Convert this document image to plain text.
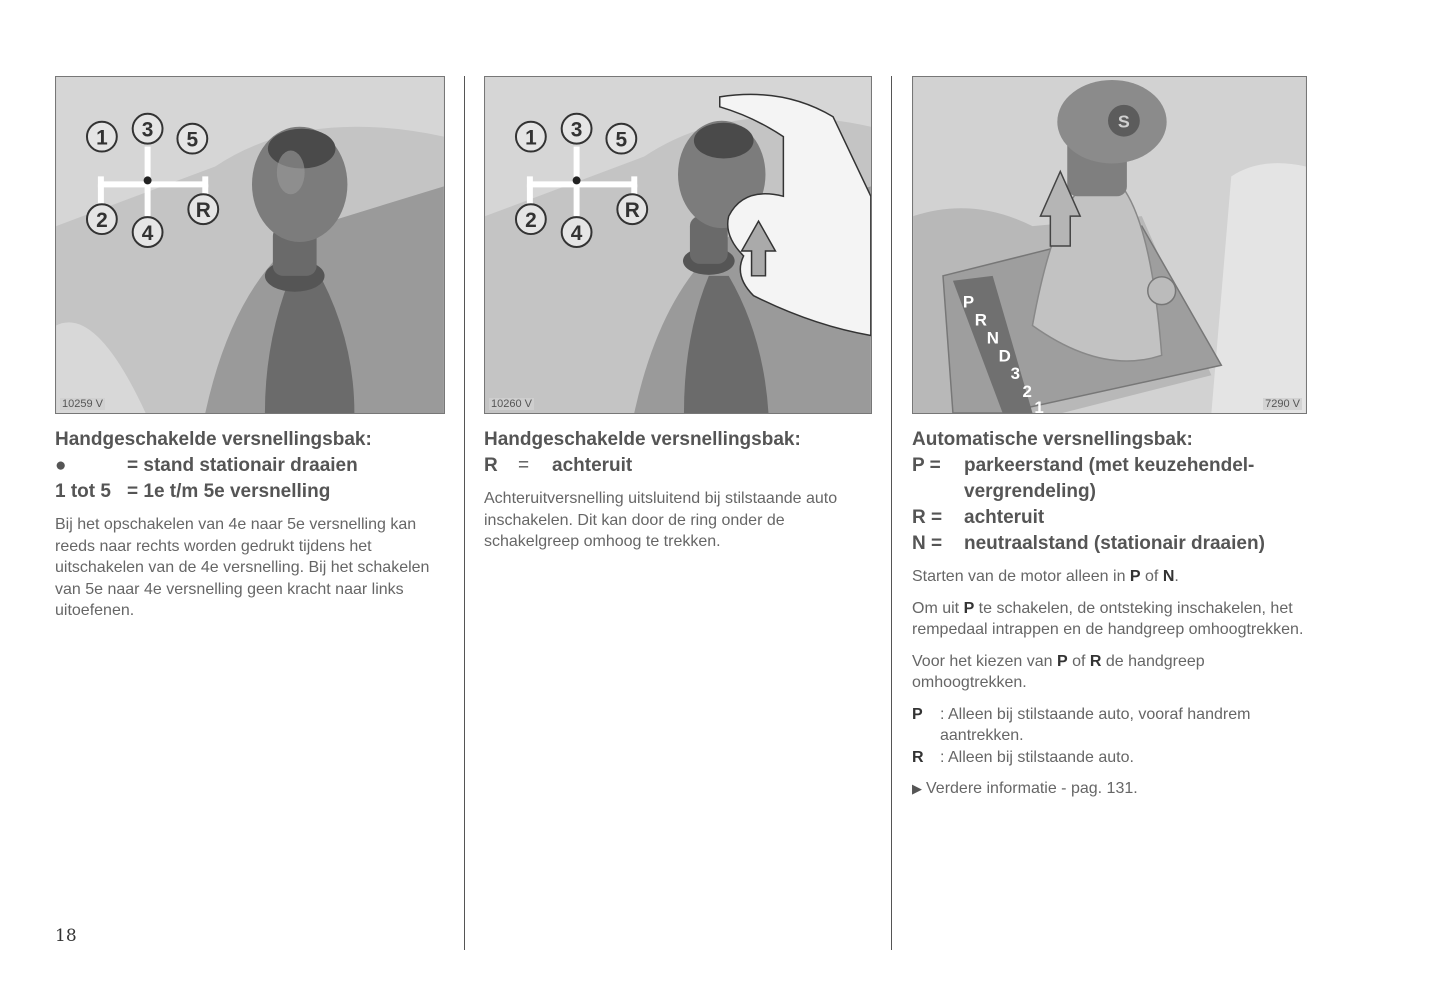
1 3 5
2
4
R
10259 V
Handgeschakelde versnellingsbak:
●	= stand stationair draaien
1 tot 5 = 1e t/m 5e versnelling
Bij het opschakelen van 4e naar 5e versnelling kan reeds naar rechts worden gedrukt tijdens het uitschakelen van de 4e versnelling. Bij het schakelen van 5e naar 4e versnelling geen kracht naar links uitoefenen.
1 3 5
2
4
R
10260 V
Handgeschakelde versnellingsbak:
R	=	achteruit
Achteruitversnelling uitsluitend bij stilstaande auto inschakelen. Dit kan door de ring onder de schakelgreep omhoog te trekken.
S
P
R
N
D
3
2
1	7290 V
Automatische versnellingsbak:
P =	parkeerstand (met keuzehendel-vergrendeling)
R =	achteruit
N =	neutraalstand (stationair draaien)
Starten van de motor alleen in P of N.
Om uit P te schakelen, de ontsteking inschakelen, het rempedaal intrappen en de handgreep omhoogtrekken.
Voor het kiezen van P of R de handgreep omhoogtrekken.
P	: Alleen bij stilstaande auto, vooraf handrem aantrekken.
R	: Alleen bij stilstaande auto.
▶ Verdere informatie - pag. 131.
18
